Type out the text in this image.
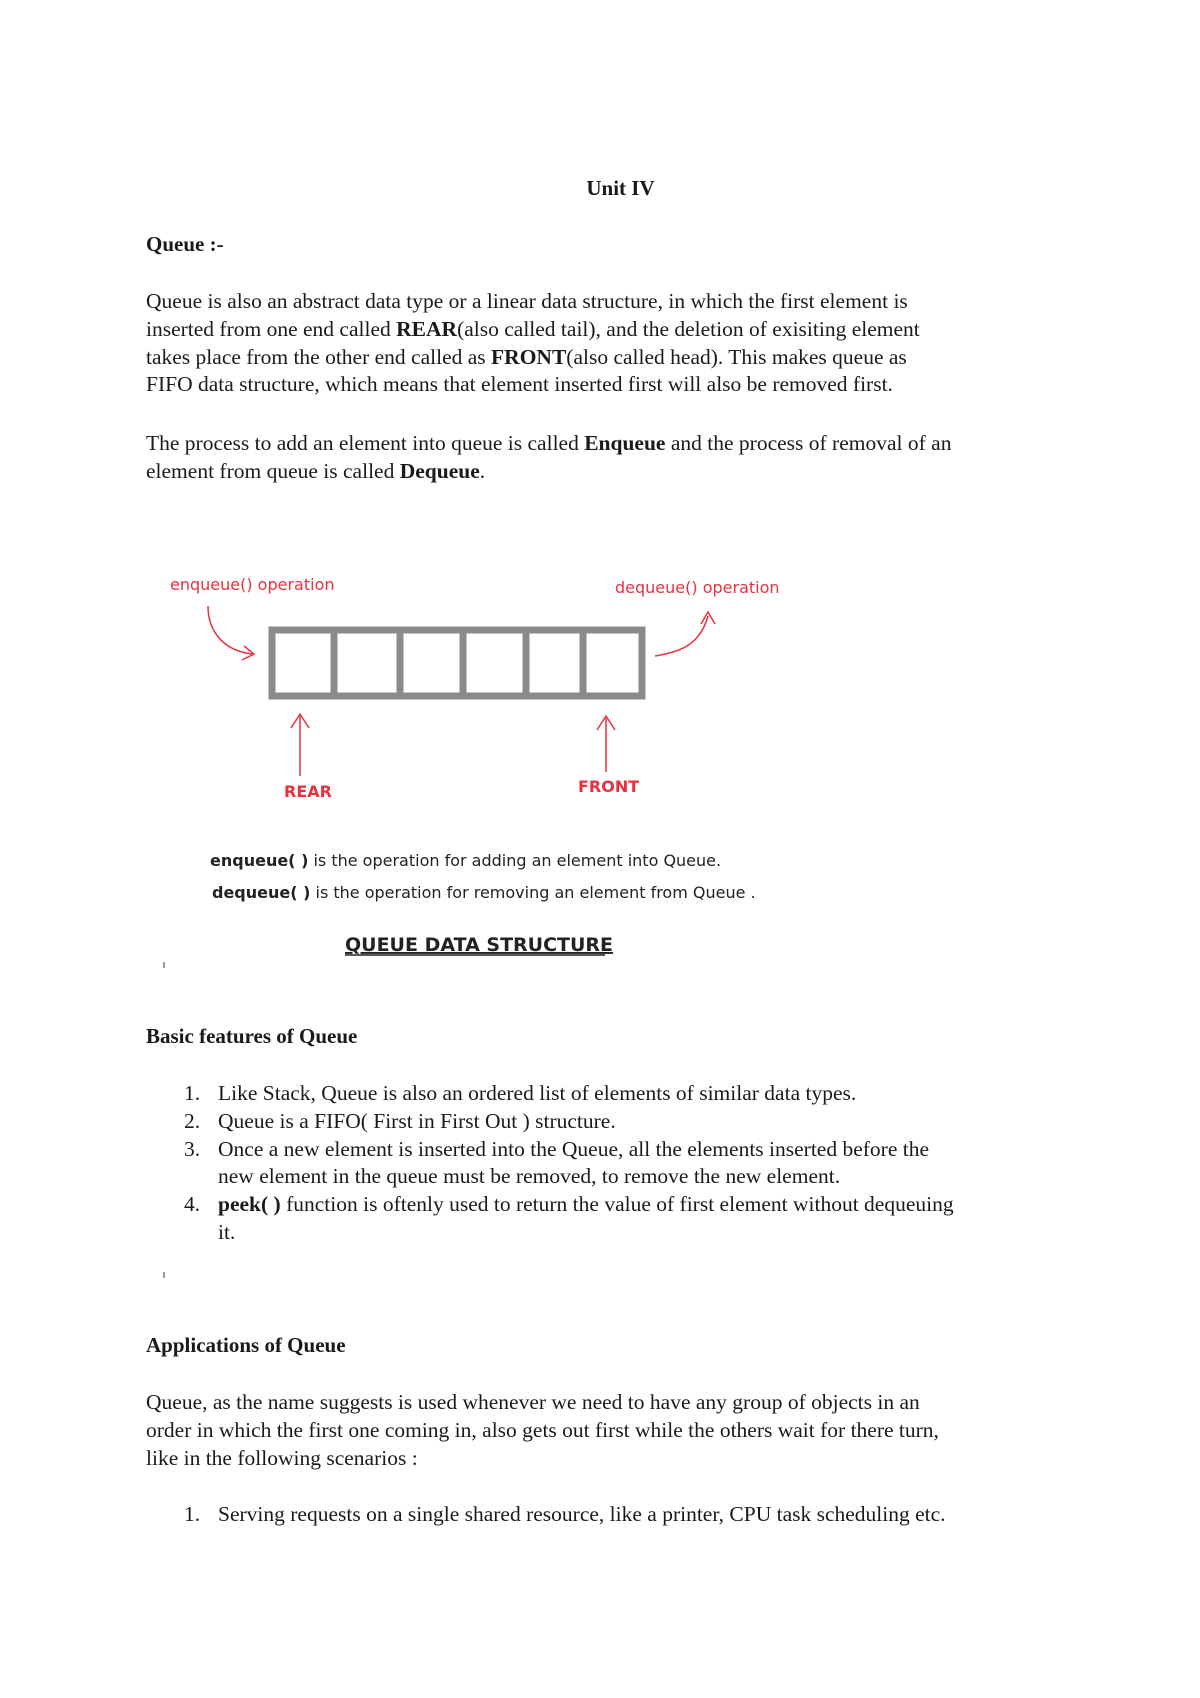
Unit IV
Queue :-

Queue is also an abstract data type or a linear data structure, in which the first element is

inserted from one end called REAR(also called tail), and the deletion of exisiting element

takes place from the other end called as FRONT(also called head). This makes queue as

FIFO data structure, which means that element inserted first will also be removed first.

The process to add an element into queue is called Enqueue and the process of removal of an

element from queue is called Dequeue.

enqueue() operation	dequeue() operation
REAR	FRONT
enqueue( ) is the operation for adding an element into Queue.
dequeue( ) is the operation for removing an element from Queue .
QUEUE DATA STRUCTURE
Basic features of Queue
1. Like Stack, Queue is also an ordered list of elements of similar data types.

2. Queue is a FIFO( First in First Out ) structure.

3. Once a new element is inserted into the Queue, all the elements inserted before the

new element in the queue must be removed, to remove the new element.

4. peek( ) function is oftenly used to return the value of first element without dequeuing

it.

Applications of Queue

Queue, as the name suggests is used whenever we need to have any group of objects in an

order in which the first one coming in, also gets out first while the others wait for there turn,

like in the following scenarios :

1. Serving requests on a single shared resource, like a printer, CPU task scheduling etc.
